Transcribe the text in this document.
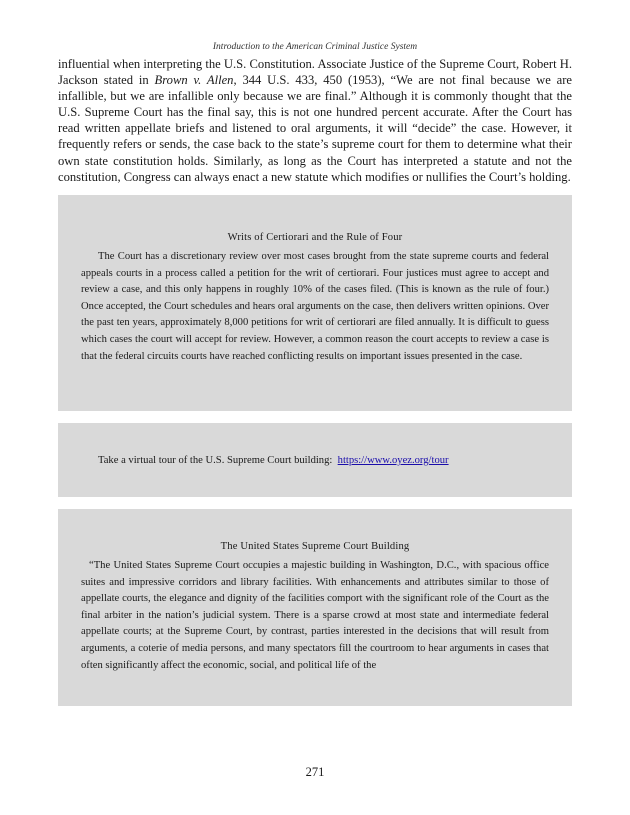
Introduction to the American Criminal Justice System

influential when interpreting the U.S. Constitution. Associate Justice of the Supreme Court, Robert H. Jackson stated in Brown v. Allen, 344 U.S. 433, 450 (1953), “We are not final because we are infallible, but we are infallible only because we are final.” Although it is commonly thought that the U.S. Supreme Court has the final say, this is not one hundred percent accurate. After the Court has read written appellate briefs and listened to oral arguments, it will “decide” the case. However, it frequently refers or sends, the case back to the state’s supreme court for them to determine what their own state constitution holds. Similarly, as long as the Court has interpreted a statute and not the constitution, Congress can always enact a new statute which modifies or nullifies the Court’s holding.

Writs of Certiorari and the Rule of Four

The Court has a discretionary review over most cases brought from the state supreme courts and federal appeals courts in a process called a petition for the writ of certiorari. Four justices must agree to accept and review a case, and this only happens in roughly 10% of the cases filed. (This is known as the rule of four.) Once accepted, the Court schedules and hears oral arguments on the case, then delivers written opinions. Over the past ten years, approximately 8,000 petitions for writ of certiorari are filed annually. It is difficult to guess which cases the court will accept for review. However, a common reason the court accepts to review a case is that the federal circuits courts have reached conflicting results on important issues presented in the case.

Take a virtual tour of the U.S. Supreme Court building: https://www.oyez.org/tour

The United States Supreme Court Building

“The United States Supreme Court occupies a majestic building in Washington, D.C., with spacious office suites and impressive corridors and library facilities. With enhancements and attributes similar to those of appellate courts, the elegance and dignity of the facilities comport with the significant role of the Court as the final arbiter in the nation’s judicial system. There is a sparse crowd at most state and intermediate federal appellate courts; at the Supreme Court, by contrast, parties interested in the decisions that will result from arguments, a coterie of media persons, and many spectators fill the courtroom to hear arguments in cases that often significantly affect the economic, social, and political life of the

271
